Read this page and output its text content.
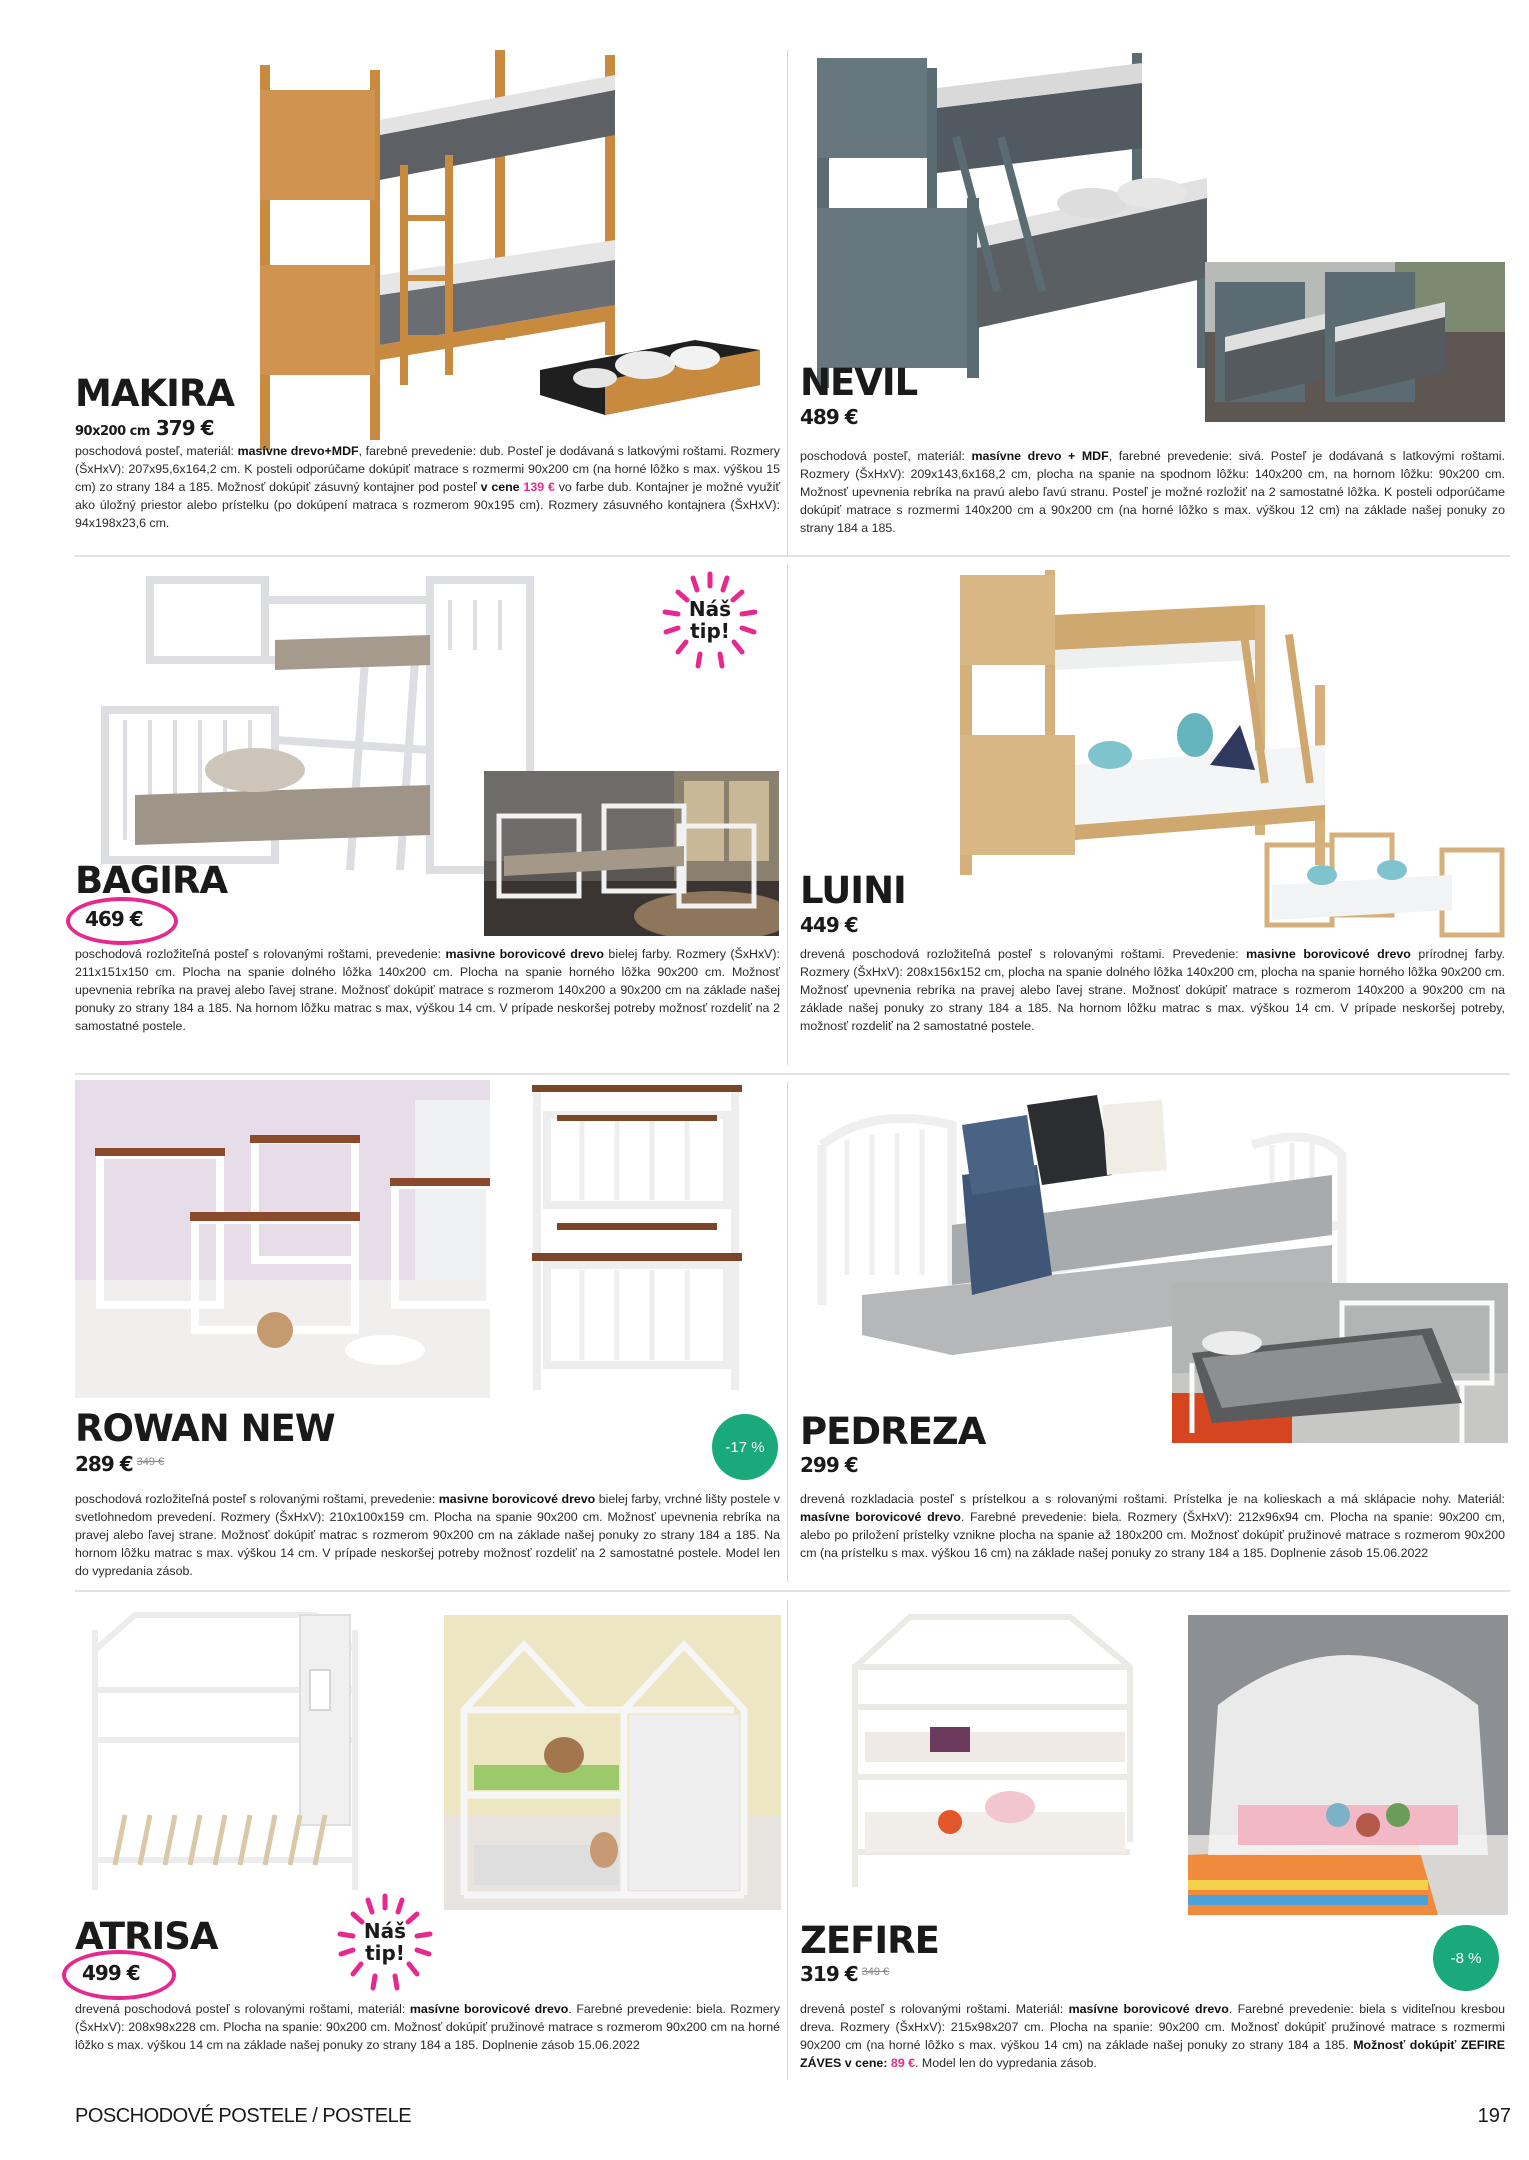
MAKIRA
90x200 cm 379 €

poschodová posteľ, materiál: masívne drevo+MDF, farebné prevedenie: dub. Posteľ je dodávaná s latkovými roštami. Rozmery (ŠxHxV): 207x95,6x164,2 cm. K posteli odporúčame dokúpiť matrace s rozmermi 90x200 cm (na horné lôžko s max. výškou 15 cm) zo strany 184 a 185. Možnosť dokúpiť zásuvný kontajner pod posteľ v cene 139 € vo farbe dub. Kontajner je možné využiť ako úložný priestor alebo prístelku (po dokúpení matraca s rozmerom 90x195 cm). Rozmery zásuvného kontajnera (ŠxHxV): 94x198x23,6 cm.

NEVIL
489 €

poschodová posteľ, materiál: masívne drevo + MDF, farebné prevedenie: sivá. Posteľ je dodávaná s latkovými roštami. Rozmery (ŠxHxV): 209x143,6x168,2 cm, plocha na spanie na spodnom lôžku: 140x200 cm, na hornom lôžku: 90x200 cm. Možnosť upevnenia rebríka na pravú alebo ľavú stranu. Posteľ je možné rozložiť na 2 samostatné lôžka. K posteli odporúčame dokúpiť matrace s rozmermi 140x200 cm a 90x200 cm (na horné lôžko s max. výškou 12 cm) na základe našej ponuky zo strany 184 a 185.

Náš
tip!
BAGIRA
469 €

poschodová rozložiteľná posteľ s rolovanými roštami, prevedenie: masivne borovicové drevo bielej farby. Rozmery (ŠxHxV): 211x151x150 cm. Plocha na spanie dolného lôžka 140x200 cm. Plocha na spanie horného lôžka 90x200 cm. Možnosť upevnenia rebríka na pravej alebo ľavej strane. Možnosť dokúpiť matrace s rozmerom 140x200 a 90x200 cm na základe našej ponuky zo strany 184 a 185. Na hornom lôžku matrac s max, výškou 14 cm. V prípade neskoršej potreby možnosť rozdeliť na 2 samostatné postele.

LUINI
449 €

drevená poschodová rozložiteľná posteľ s rolovanými roštami. Prevedenie: masivne borovicové drevo prírodnej farby. Rozmery (ŠxHxV): 208x156x152 cm, plocha na spanie dolného lôžka 140x200 cm, plocha na spanie horného lôžka 90x200 cm. Možnosť upevnenia rebríka na pravej alebo ľavej strane. Možnosť dokúpiť matrace s rozmerom 140x200 a 90x200 cm na základe našej ponuky zo strany 184 a 185. Na hornom lôžku matrac s max. výškou 14 cm. V prípade neskoršej potreby, možnosť rozdeliť na 2 samostatné postele.

ROWAN NEW
289 € $^{349 €}$
-17 %

poschodová rozložiteľná posteľ s rolovanými roštami, prevedenie: masivne borovicové drevo bielej farby, vrchné lišty postele v svetlohnedom prevedení. Rozmery (ŠxHxV): 210x100x159 cm. Plocha na spanie 90x200 cm. Možnosť upevnenia rebríka na pravej alebo ľavej strane. Možnosť dokúpiť matrac s rozmerom 90x200 cm na základe našej ponuky zo strany 184 a 185. Na hornom lôžku matrac s max. výškou 14 cm. V prípade neskoršej potreby možnosť rozdeliť na 2 samostatné postele. Model len do vypredania zásob.

PEDREZA
299 €

drevená rozkladacia posteľ s prístelkou a s rolovanými roštami. Prístelka je na kolieskach a má sklápacie nohy. Materiál: masívne borovicové drevo. Farebné prevedenie: biela. Rozmery (ŠxHxV): 212x96x94 cm. Plocha na spanie: 90x200 cm, alebo po priložení prístelky vznikne plocha na spanie až 180x200 cm. Možnosť dokúpiť pružinové matrace s rozmerom 90x200 cm (na prístelku s max. výškou 16 cm) na základe našej ponuky zo strany 184 a 185. Doplnenie zásob 15.06.2022

Náš
tip!
ATRISA
499 €

drevená poschodová posteľ s rolovanými roštami, materiál: masívne borovicové drevo. Farebné prevedenie: biela. Rozmery (ŠxHxV): 208x98x228 cm. Plocha na spanie: 90x200 cm. Možnosť dokúpiť pružinové matrace s rozmerom 90x200 cm na horné lôžko s max. výškou 14 cm na základe našej ponuky zo strany 184 a 185. Doplnenie zásob 15.06.2022

-8 %
ZEFIRE
319 € $^{349 €}$

drevená posteľ s rolovanými roštami. Materiál: masívne borovicové drevo. Farebné prevedenie: biela s viditeľnou kresbou dreva. Rozmery (ŠxHxV): 215x98x207 cm. Plocha na spanie: 90x200 cm. Možnosť dokúpiť pružinové matrace s rozmermi 90x200 cm (na horné lôžko s max. výškou 14 cm) na základe našej ponuky zo strany 184 a 185. Možnosť dokúpiť ZEFIRE ZÁVES v cene: 89 €. Model len do vypredania zásob.

POSCHODOVÉ POSTELE / POSTELE	197
